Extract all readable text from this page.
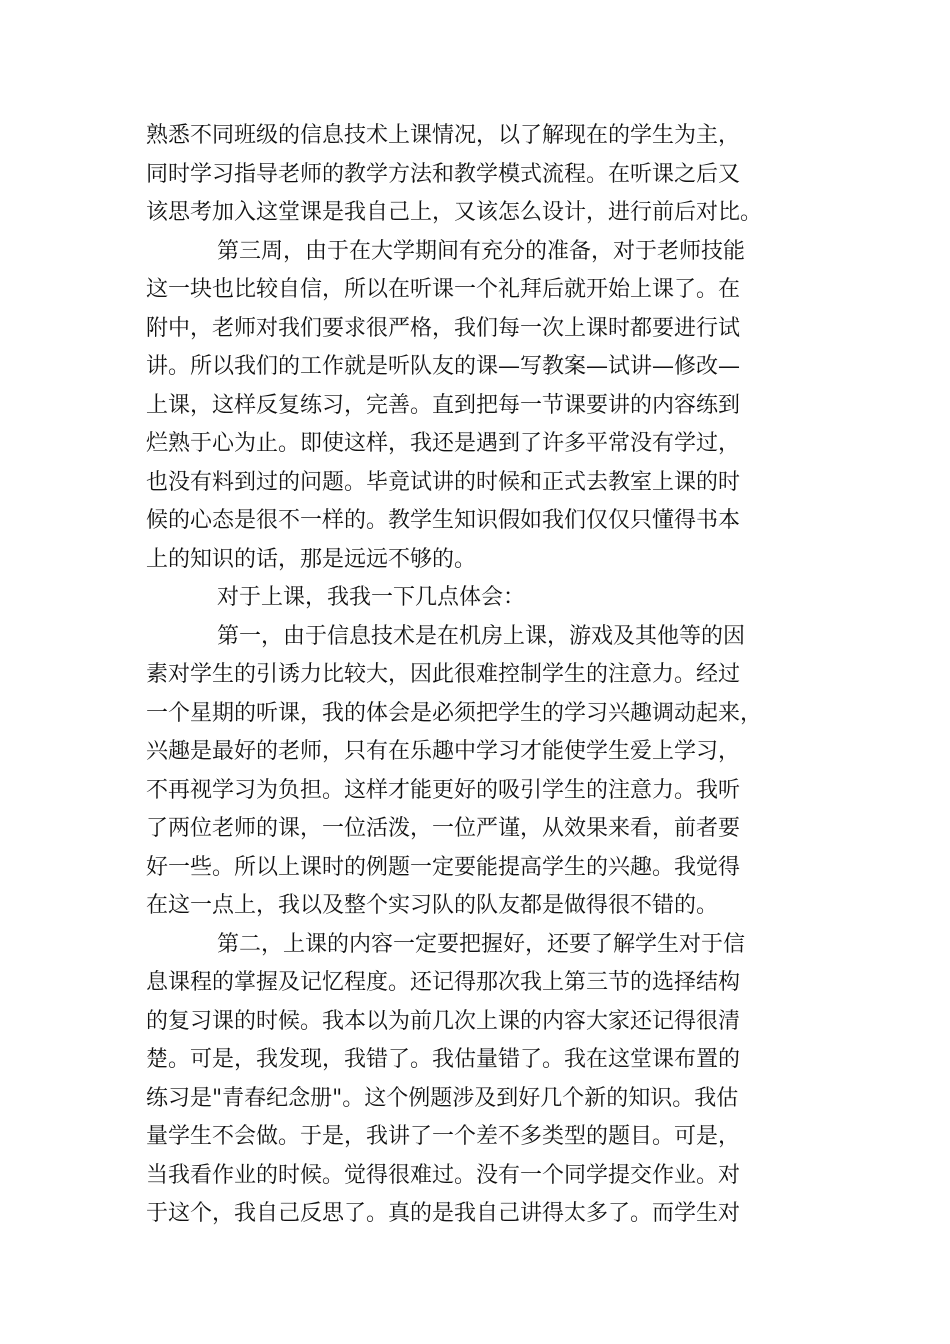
熟悉不同班级的信息技术上课情况，以了解现在的学生为主，
同时学习指导老师的教学方法和教学模式流程。在听课之后又
该思考加入这堂课是我自己上，又该怎么设计，进行前后对比。
第三周，由于在大学期间有充分的准备，对于老师技能
这一块也比较自信，所以在听课一个礼拜后就开始上课了。在
附中，老师对我们要求很严格，我们每一次上课时都要进行试
讲。所以我们的工作就是听队友的课—写教案—试讲—修改—
上课，这样反复练习，完善。直到把每一节课要讲的内容练到
烂熟于心为止。即使这样，我还是遇到了许多平常没有学过，
也没有料到过的问题。毕竟试讲的时候和正式去教室上课的时
候的心态是很不一样的。教学生知识假如我们仅仅只懂得书本
上的知识的话，那是远远不够的。
对于上课，我我一下几点体会：
第一，由于信息技术是在机房上课，游戏及其他等的因
素对学生的引诱力比较大，因此很难控制学生的注意力。经过
一个星期的听课，我的体会是必须把学生的学习兴趣调动起来，
兴趣是最好的老师，只有在乐趣中学习才能使学生爱上学习，
不再视学习为负担。这样才能更好的吸引学生的注意力。我听
了两位老师的课，一位活泼，一位严谨，从效果来看，前者要
好一些。所以上课时的例题一定要能提高学生的兴趣。我觉得
在这一点上，我以及整个实习队的队友都是做得很不错的。
第二，上课的内容一定要把握好，还要了解学生对于信
息课程的掌握及记忆程度。还记得那次我上第三节的选择结构
的复习课的时候。我本以为前几次上课的内容大家还记得很清
楚。可是，我发现，我错了。我估量错了。我在这堂课布置的
练习是"青春纪念册"。这个例题涉及到好几个新的知识。我估
量学生不会做。于是，我讲了一个差不多类型的题目。可是，
当我看作业的时候。觉得很难过。没有一个同学提交作业。对
于这个，我自己反思了。真的是我自己讲得太多了。而学生对
